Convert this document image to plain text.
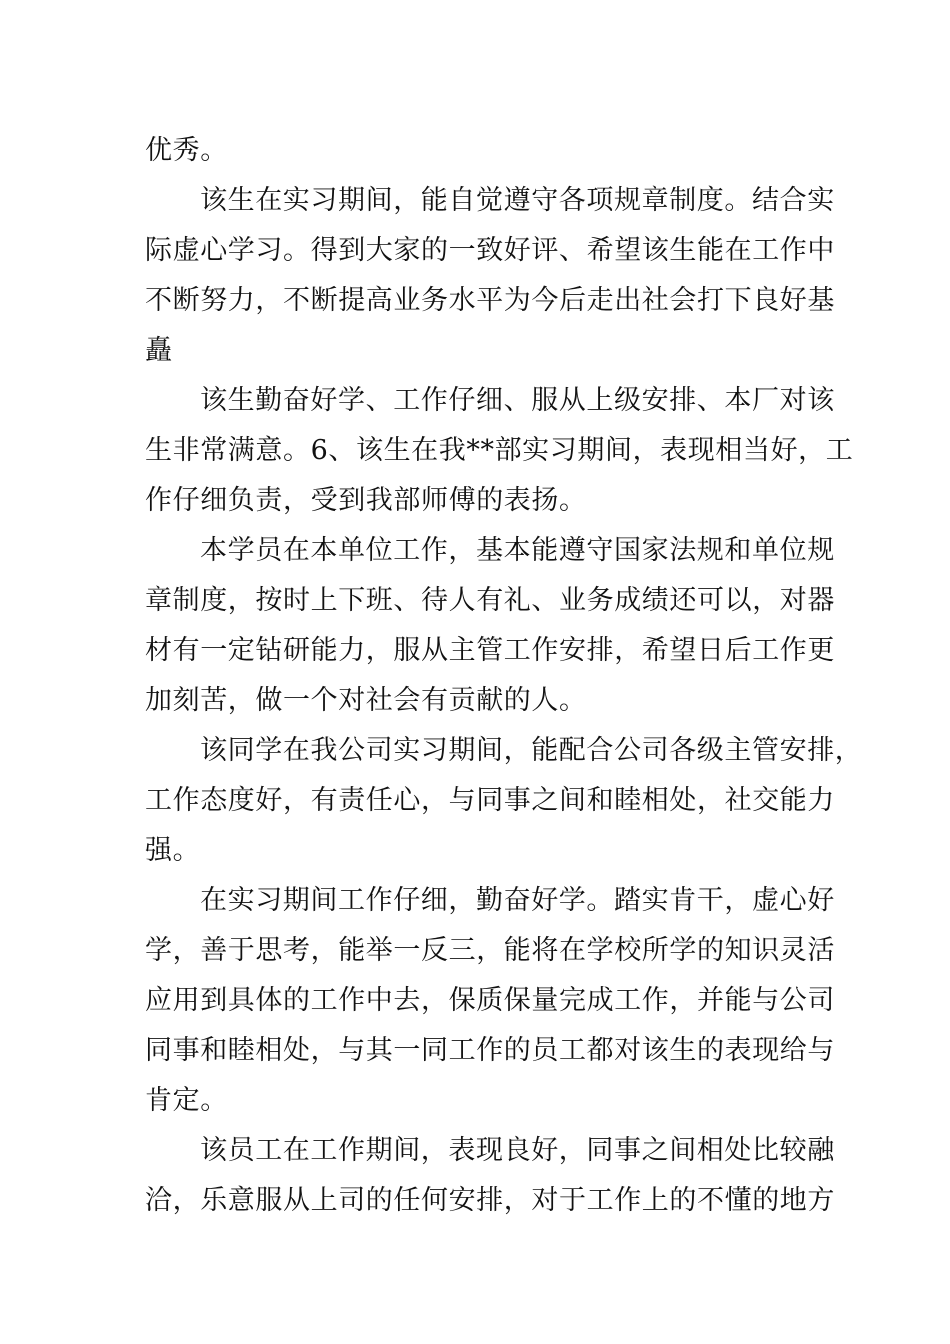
优秀。
该生在实习期间，能自觉遵守各项规章制度。结合实
际虚心学习。得到大家的一致好评、希望该生能在工作中
不断努力，不断提高业务水平为今后走出社会打下良好基
矗
该生勤奋好学、工作仔细、服从上级安排、本厂对该
生非常满意。6、该生在我**部实习期间，表现相当好，工
作仔细负责，受到我部师傅的表扬。
本学员在本单位工作，基本能遵守国家法规和单位规
章制度，按时上下班、待人有礼、业务成绩还可以，对器
材有一定钻研能力，服从主管工作安排，希望日后工作更
加刻苦，做一个对社会有贡献的人。
该同学在我公司实习期间，能配合公司各级主管安排，
工作态度好，有责任心，与同事之间和睦相处，社交能力
强。
在实习期间工作仔细，勤奋好学。踏实肯干，虚心好
学，善于思考，能举一反三，能将在学校所学的知识灵活
应用到具体的工作中去，保质保量完成工作，并能与公司
同事和睦相处，与其一同工作的员工都对该生的表现给与
肯定。
该员工在工作期间，表现良好，同事之间相处比较融
洽，乐意服从上司的任何安排，对于工作上的不懂的地方
